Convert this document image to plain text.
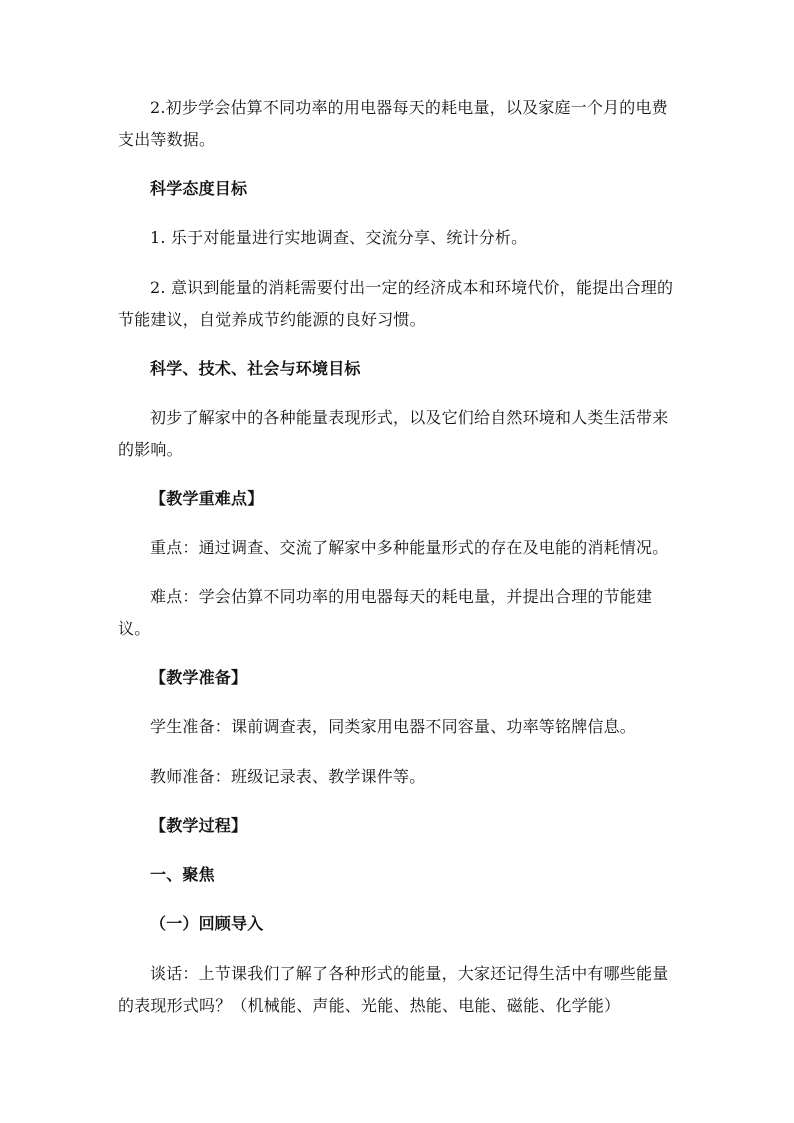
2.初步学会估算不同功率的用电器每天的耗电量，以及家庭一个月的电费
支出等数据。
科学态度目标
1. 乐于对能量进行实地调查、交流分享、统计分析。
2. 意识到能量的消耗需要付出一定的经济成本和环境代价，能提出合理的
节能建议，自觉养成节约能源的良好习惯。
科学、技术、社会与环境目标
初步了解家中的各种能量表现形式，以及它们给自然环境和人类生活带来
的影响。
【教学重难点】
重点：通过调查、交流了解家中多种能量形式的存在及电能的消耗情况。
难点：学会估算不同功率的用电器每天的耗电量，并提出合理的节能建
议。
【教学准备】
学生准备：课前调查表，同类家用电器不同容量、功率等铭牌信息。
教师准备：班级记录表、教学课件等。
【教学过程】
一、聚焦
（一）回顾导入
谈话：上节课我们了解了各种形式的能量，大家还记得生活中有哪些能量
的表现形式吗？（机械能、声能、光能、热能、电能、磁能、化学能）
